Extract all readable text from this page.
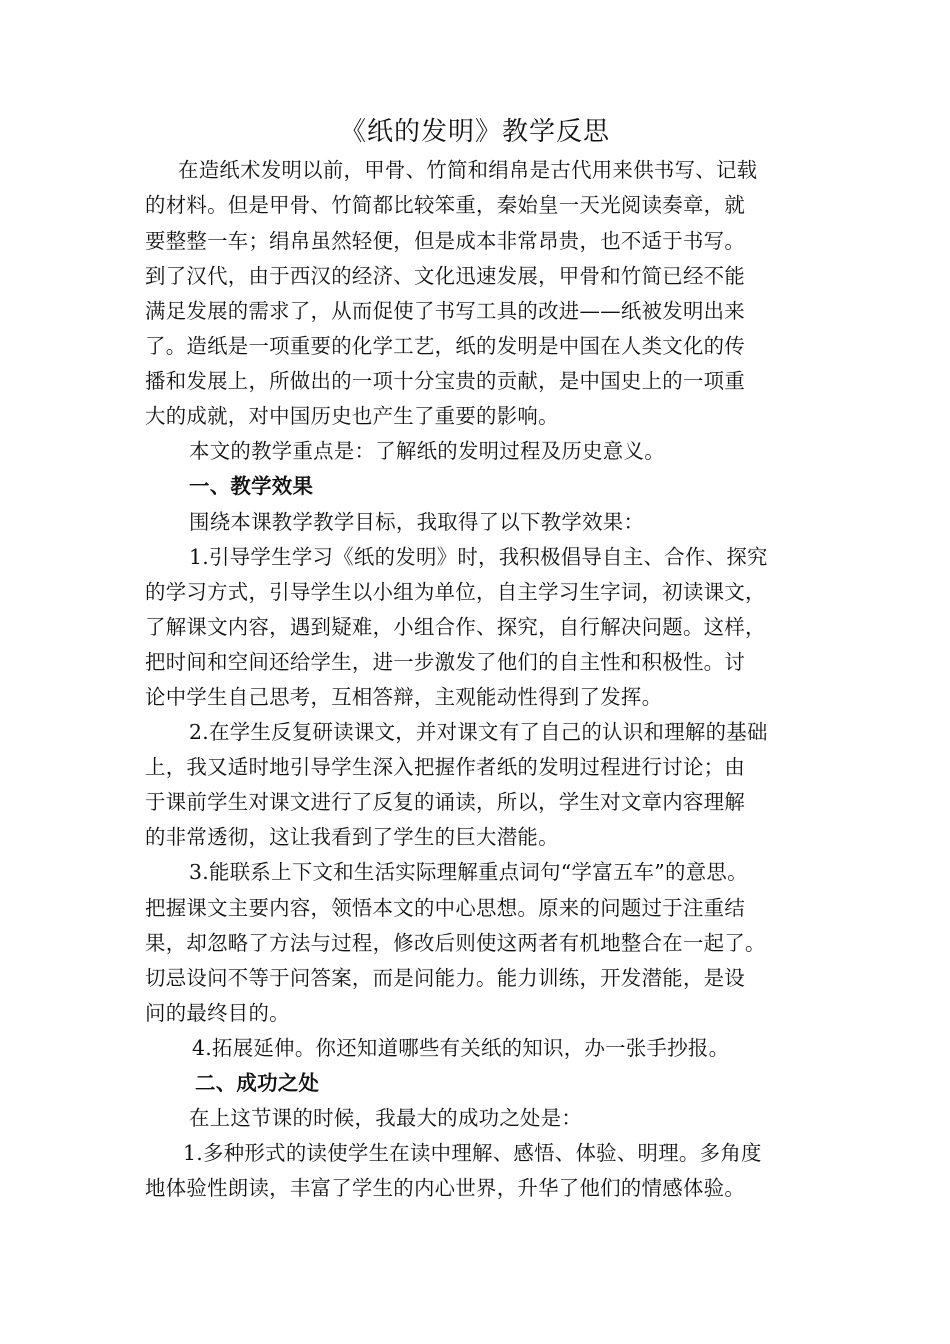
《纸的发明》教学反思
在造纸术发明以前，甲骨、竹简和绢帛是古代用来供书写、记载
的材料。但是甲骨、竹简都比较笨重，秦始皇一天光阅读奏章，就
要整整一车；绢帛虽然轻便，但是成本非常昂贵，也不适于书写。
到了汉代，由于西汉的经济、文化迅速发展，甲骨和竹简已经不能
满足发展的需求了，从而促使了书写工具的改进——纸被发明出来
了。造纸是一项重要的化学工艺，纸的发明是中国在人类文化的传
播和发展上，所做出的一项十分宝贵的贡献，是中国史上的一项重
大的成就，对中国历史也产生了重要的影响。
本文的教学重点是：了解纸的发明过程及历史意义。
一、教学效果
围绕本课教学教学目标，我取得了以下教学效果：
1.引导学生学习《纸的发明》时，我积极倡导自主、合作、探究
的学习方式，引导学生以小组为单位，自主学习生字词，初读课文，
了解课文内容，遇到疑难，小组合作、探究，自行解决问题。这样，
把时间和空间还给学生，进一步激发了他们的自主性和积极性。讨
论中学生自己思考，互相答辩，主观能动性得到了发挥。
2.在学生反复研读课文，并对课文有了自己的认识和理解的基础
上，我又适时地引导学生深入把握作者纸的发明过程进行讨论；由
于课前学生对课文进行了反复的诵读，所以，学生对文章内容理解
的非常透彻，这让我看到了学生的巨大潜能。
3.能联系上下文和生活实际理解重点词句“学富五车”的意思。
把握课文主要内容，领悟本文的中心思想。原来的问题过于注重结
果，却忽略了方法与过程，修改后则使这两者有机地整合在一起了。
切忌设问不等于问答案，而是问能力。能力训练，开发潜能，是设
问的最终目的。
4.拓展延伸。你还知道哪些有关纸的知识，办一张手抄报。
二、成功之处
在上这节课的时候，我最大的成功之处是：
1.多种形式的读使学生在读中理解、感悟、体验、明理。多角度
地体验性朗读，丰富了学生的内心世界，升华了他们的情感体验。
